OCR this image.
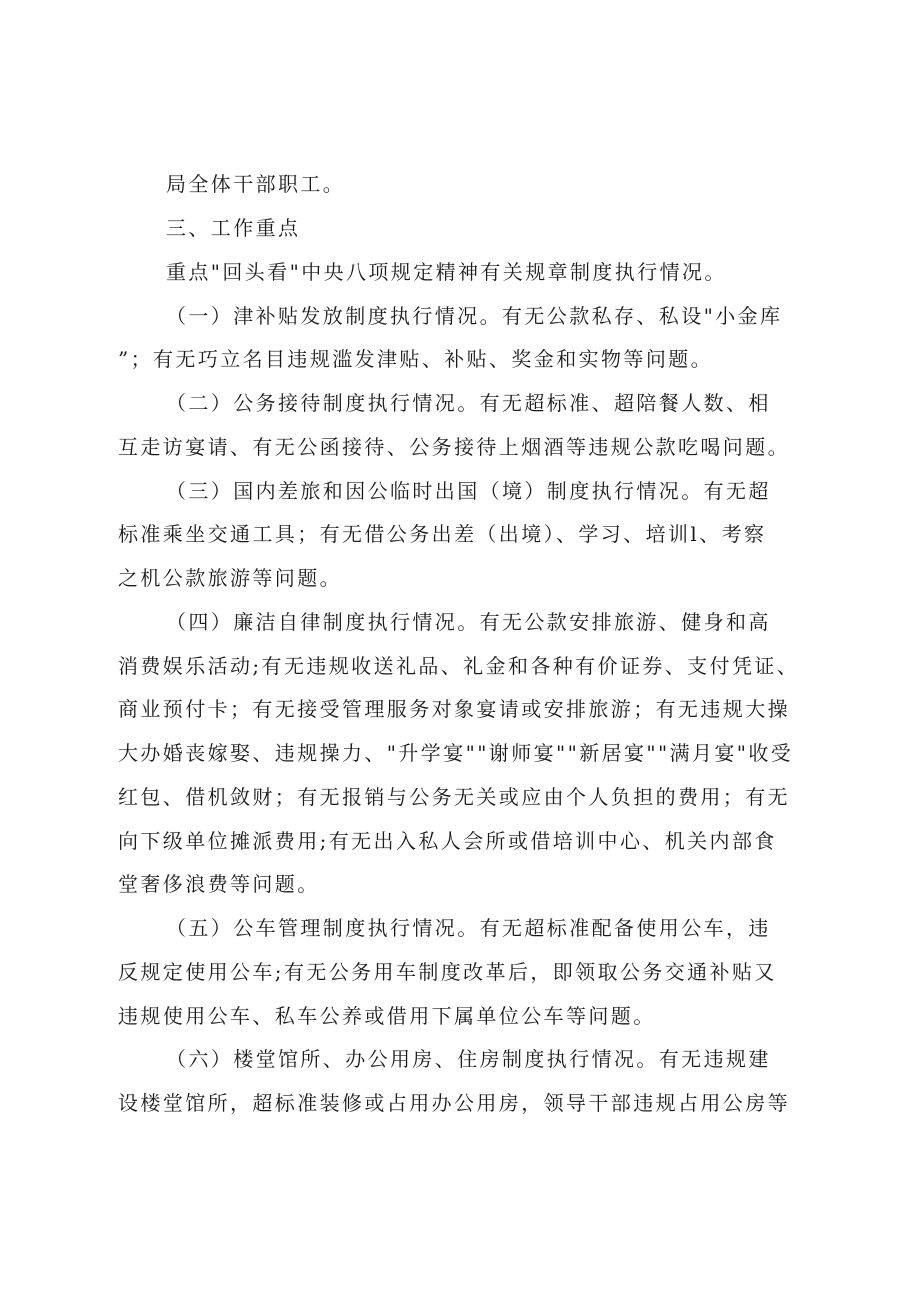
局全体干部职工。
三、工作重点
重点"回头看"中央八项规定精神有关规章制度执行情况。
（一）津补贴发放制度执行情况。有无公款私存、私设"小金库
”；有无巧立名目违规滥发津贴、补贴、奖金和实物等问题。
（二）公务接待制度执行情况。有无超标准、超陪餐人数、相
互走访宴请、有无公函接待、公务接待上烟酒等违规公款吃喝问题。
（三）国内差旅和因公临时出国（境）制度执行情况。有无超
标准乘坐交通工具；有无借公务出差（出境）、学习、培训l、考察
之机公款旅游等问题。
（四）廉洁自律制度执行情况。有无公款安排旅游、健身和高
消费娱乐活动;有无违规收送礼品、礼金和各种有价证券、支付凭证、
商业预付卡；有无接受管理服务对象宴请或安排旅游；有无违规大操
大办婚丧嫁娶、违规操力、"升学宴""谢师宴""新居宴""满月宴"收受
红包、借机敛财；有无报销与公务无关或应由个人负担的费用；有无
向下级单位摊派费用;有无出入私人会所或借培训中心、机关内部食
堂奢侈浪费等问题。
（五）公车管理制度执行情况。有无超标准配备使用公车，违
反规定使用公车;有无公务用车制度改革后，即领取公务交通补贴又
违规使用公车、私车公养或借用下属单位公车等问题。
（六）楼堂馆所、办公用房、住房制度执行情况。有无违规建
设楼堂馆所，超标准装修或占用办公用房，领导干部违规占用公房等
